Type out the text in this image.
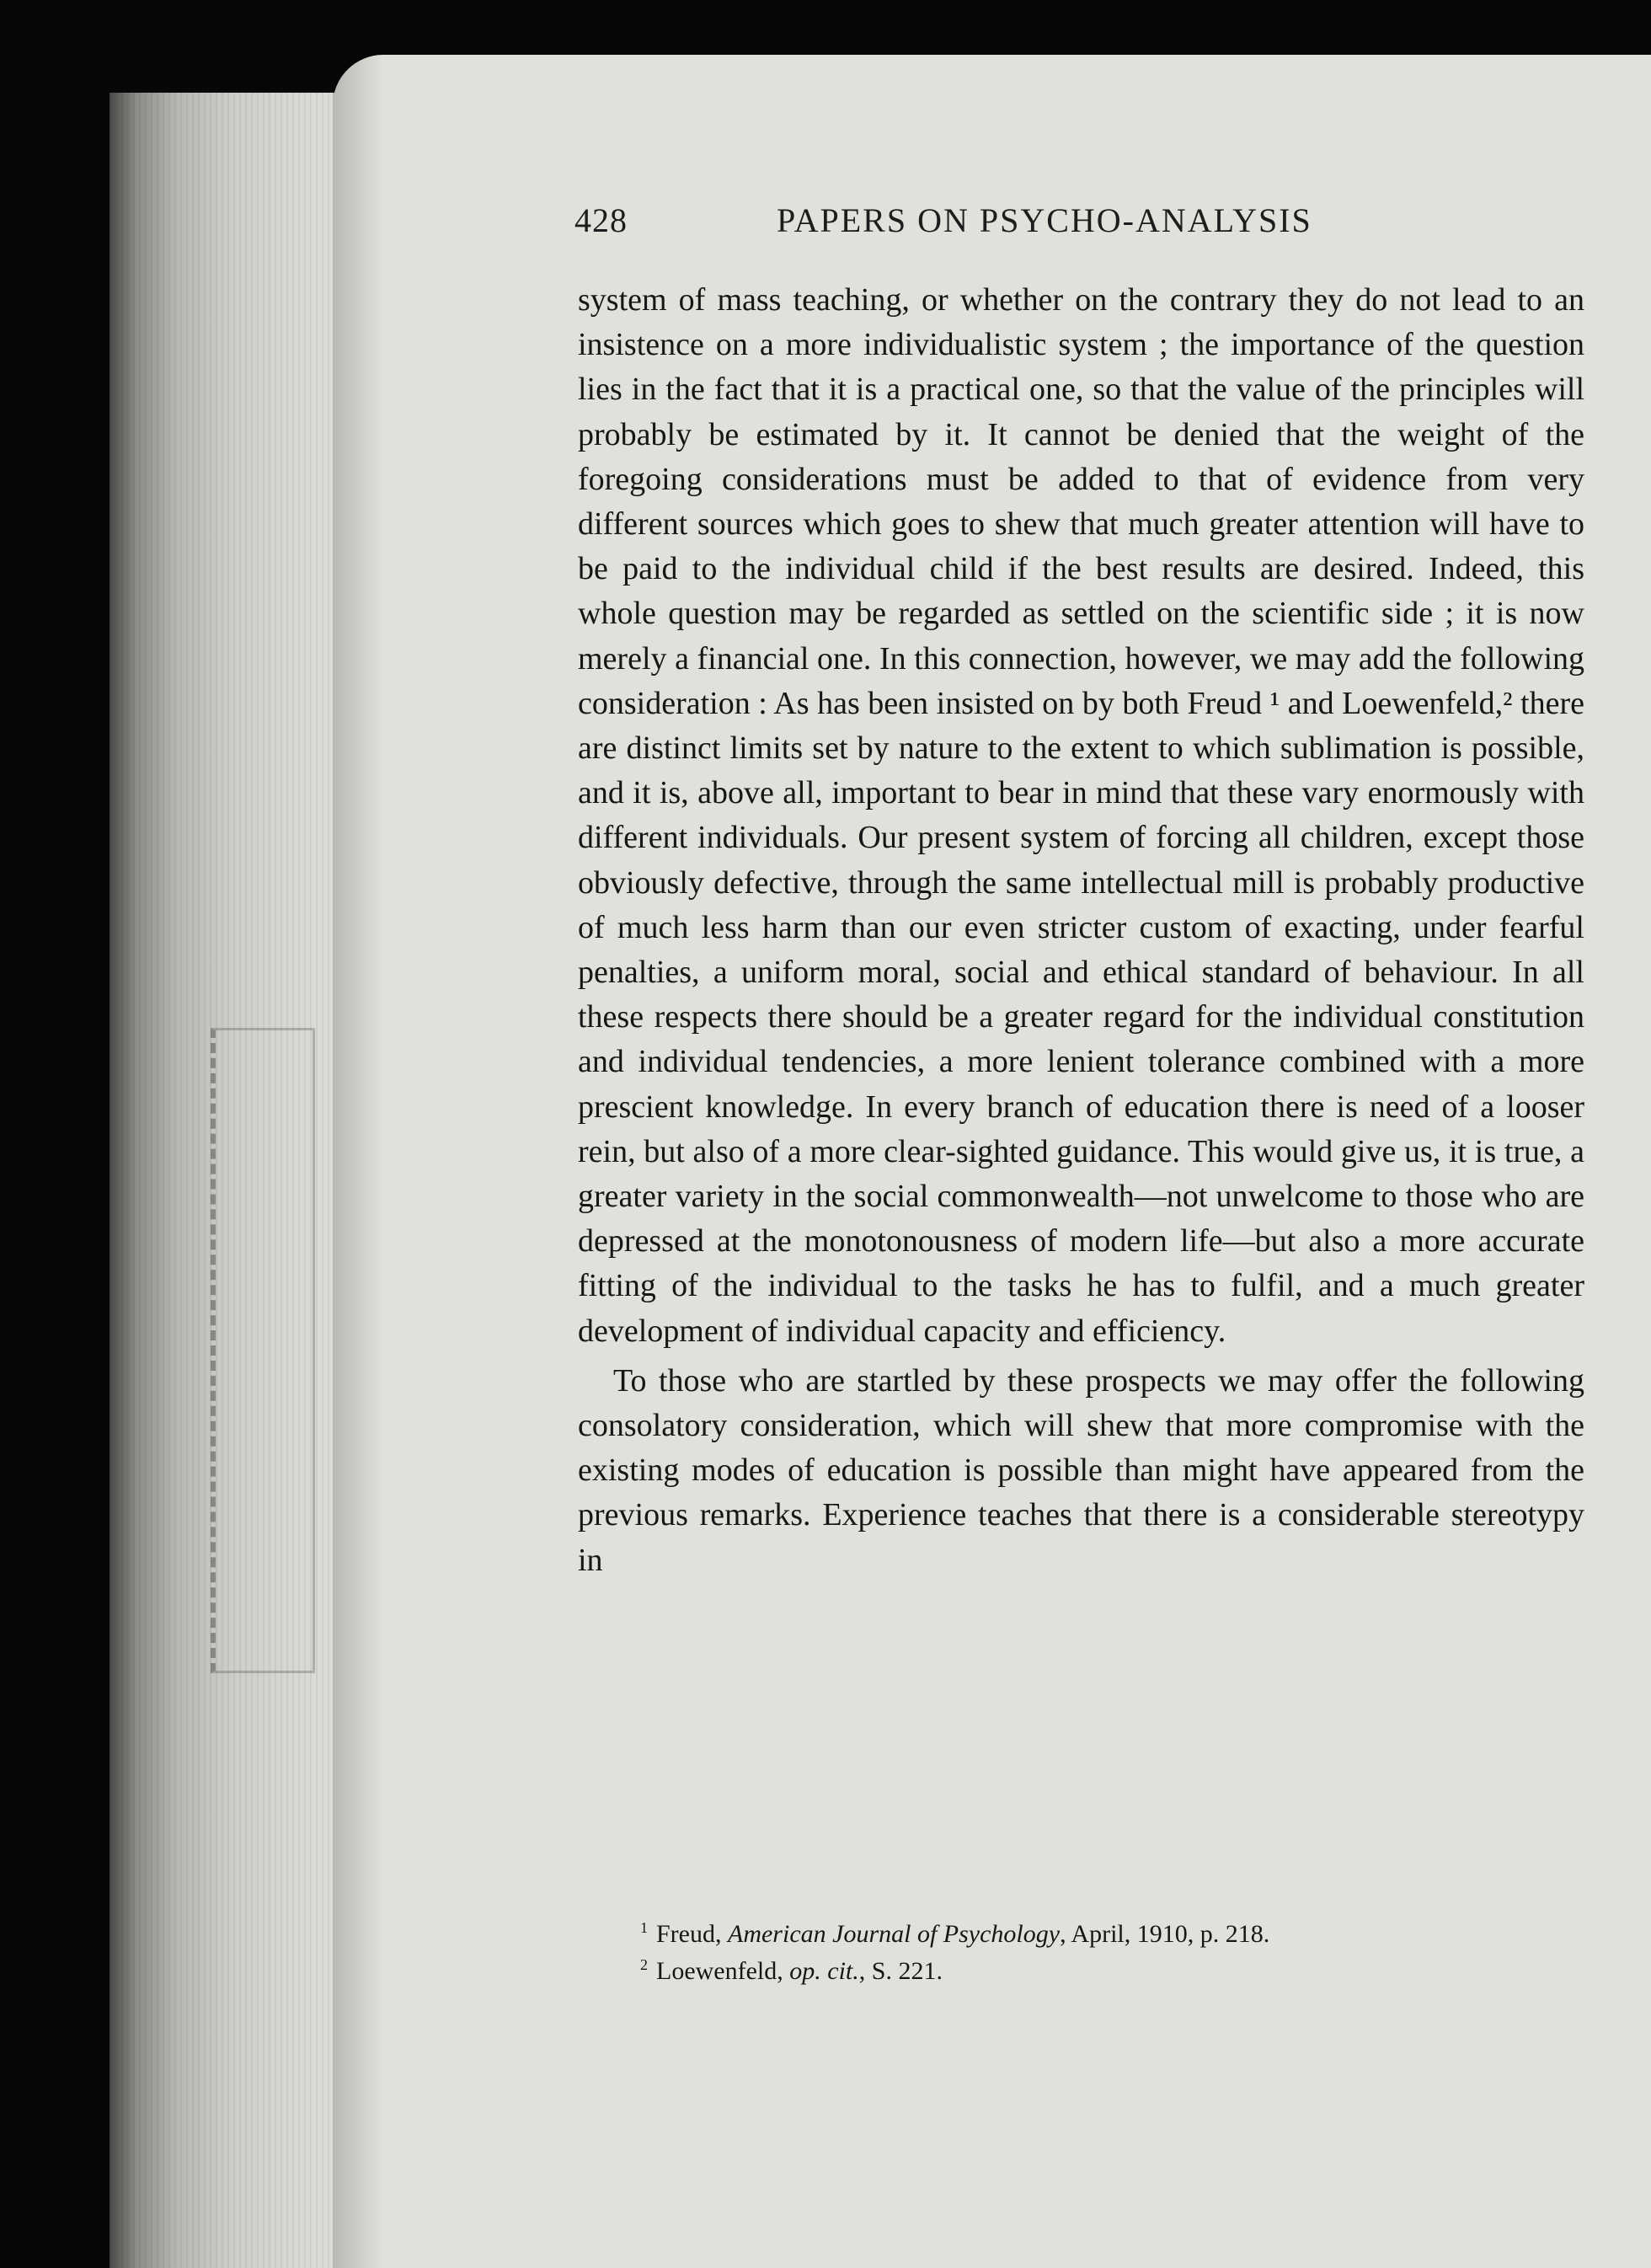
428	PAPERS ON PSYCHO-ANALYSIS

system of mass teaching, or whether on the contrary they do not lead to an insistence on a more individualistic system ; the importance of the question lies in the fact that it is a practical one, so that the value of the principles will probably be estimated by it. It cannot be denied that the weight of the foregoing considerations must be added to that of evidence from very different sources which goes to shew that much greater attention will have to be paid to the individual child if the best results are desired. Indeed, this whole question may be regarded as settled on the scientific side ; it is now merely a financial one. In this connection, however, we may add the following consideration : As has been insisted on by both Freud ¹ and Loewenfeld,² there are distinct limits set by nature to the extent to which sublimation is possible, and it is, above all, important to bear in mind that these vary enormously with different individuals. Our present system of forcing all children, except those obviously defective, through the same intellectual mill is probably productive of much less harm than our even stricter custom of exacting, under fearful penalties, a uniform moral, social and ethical standard of behaviour. In all these respects there should be a greater regard for the individual constitution and individual tendencies, a more lenient tolerance combined with a more prescient knowledge. In every branch of education there is need of a looser rein, but also of a more clear-sighted guidance. This would give us, it is true, a greater variety in the social commonwealth—not unwelcome to those who are depressed at the monotonousness of modern life—but also a more accurate fitting of the individual to the tasks he has to fulfil, and a much greater development of individual capacity and efficiency.

To those who are startled by these prospects we may offer the following consolatory consideration, which will shew that more compromise with the existing modes of education is possible than might have appeared from the previous remarks. Experience teaches that there is a considerable stereotypy in

$^1$ Freud, American Journal of Psychology, April, 1910, p. 218.

$^2$ Loewenfeld, op. cit., S. 221.
